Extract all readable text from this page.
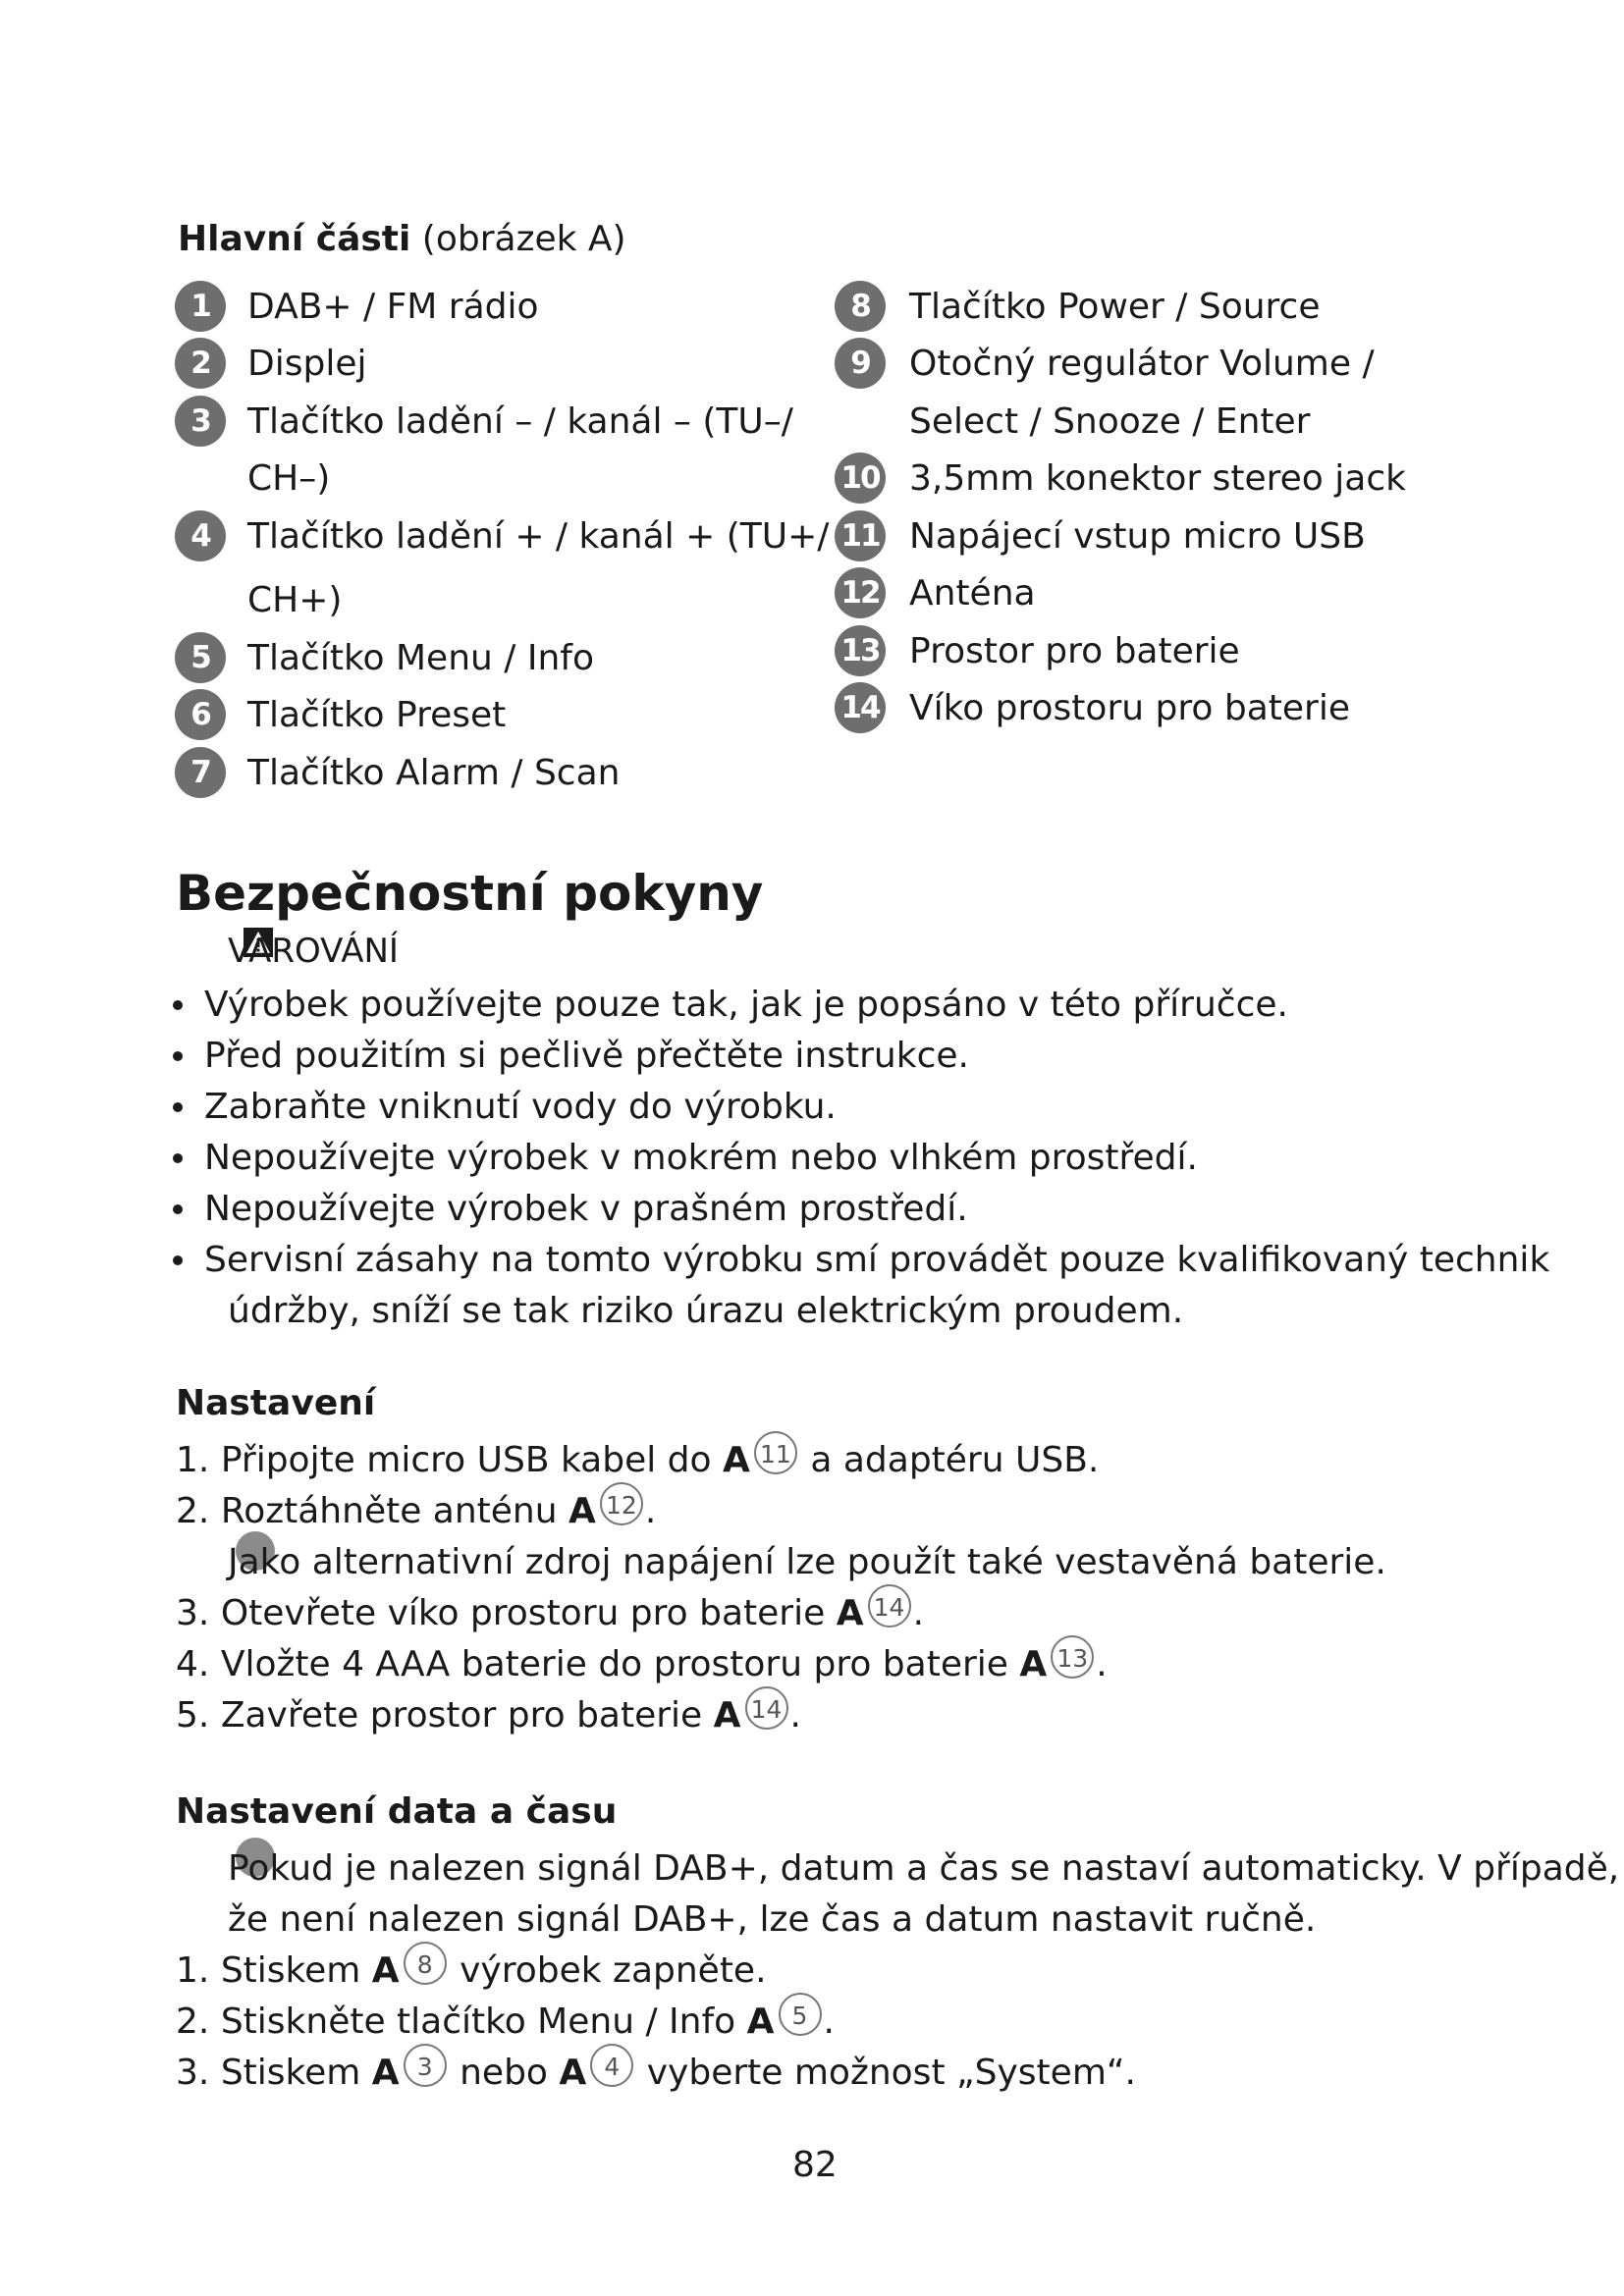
Hlavní části (obrázek A)
1	DAB+ / FM rádio
2	Displej
3	Tlačítko ladění – / kanál – (TU–/
CH–)
4	Tlačítko ladění + / kanál + (TU+/
CH+)
5	Tlačítko Menu / Info
6	Tlačítko Preset
7	Tlačítko Alarm / Scan
8	Tlačítko Power / Source
9	Otočný regulátor Volume /
Select / Snooze / Enter
10 3,5mm konektor stereo jack
11 Napájecí vstup micro USB
12 Anténa
13 Prostor pro baterie
14 Víko prostoru pro baterie
Bezpečnostní pokyny
VAROVÁNÍ
Výrobek používejte pouze tak, jak je popsáno v této příručce.
Před použitím si pečlivě přečtěte instrukce.
Zabraňte vniknutí vody do výrobku.
Nepoužívejte výrobek v mokrém nebo vlhkém prostředí.
Nepoužívejte výrobek v prašném prostředí.
Servisní zásahy na tomto výrobku smí provádět pouze kvalifikovaný technik
údržby, sníží se tak riziko úrazu elektrickým proudem.
Nastavení
1. Připojte micro USB kabel do A 11 a adaptéru USB.
2. Roztáhněte anténu A 12 .
Jako alternativní zdroj napájení lze použít také vestavěná baterie.
3. Otevřete víko prostoru pro baterie A 14 .
4. Vložte 4 AAA baterie do prostoru pro baterie A 13 .
5. Zavřete prostor pro baterie A 14 .
Nastavení data a času
Pokud je nalezen signál DAB+, datum a čas se nastaví automaticky. V případě,
že není nalezen signál DAB+, lze čas a datum nastavit ručně.
1. Stiskem A 8 výrobek zapněte.
2. Stiskněte tlačítko Menu / Info A 5 .
3. Stiskem A 3 nebo A 4 vyberte možnost „System“.
82
